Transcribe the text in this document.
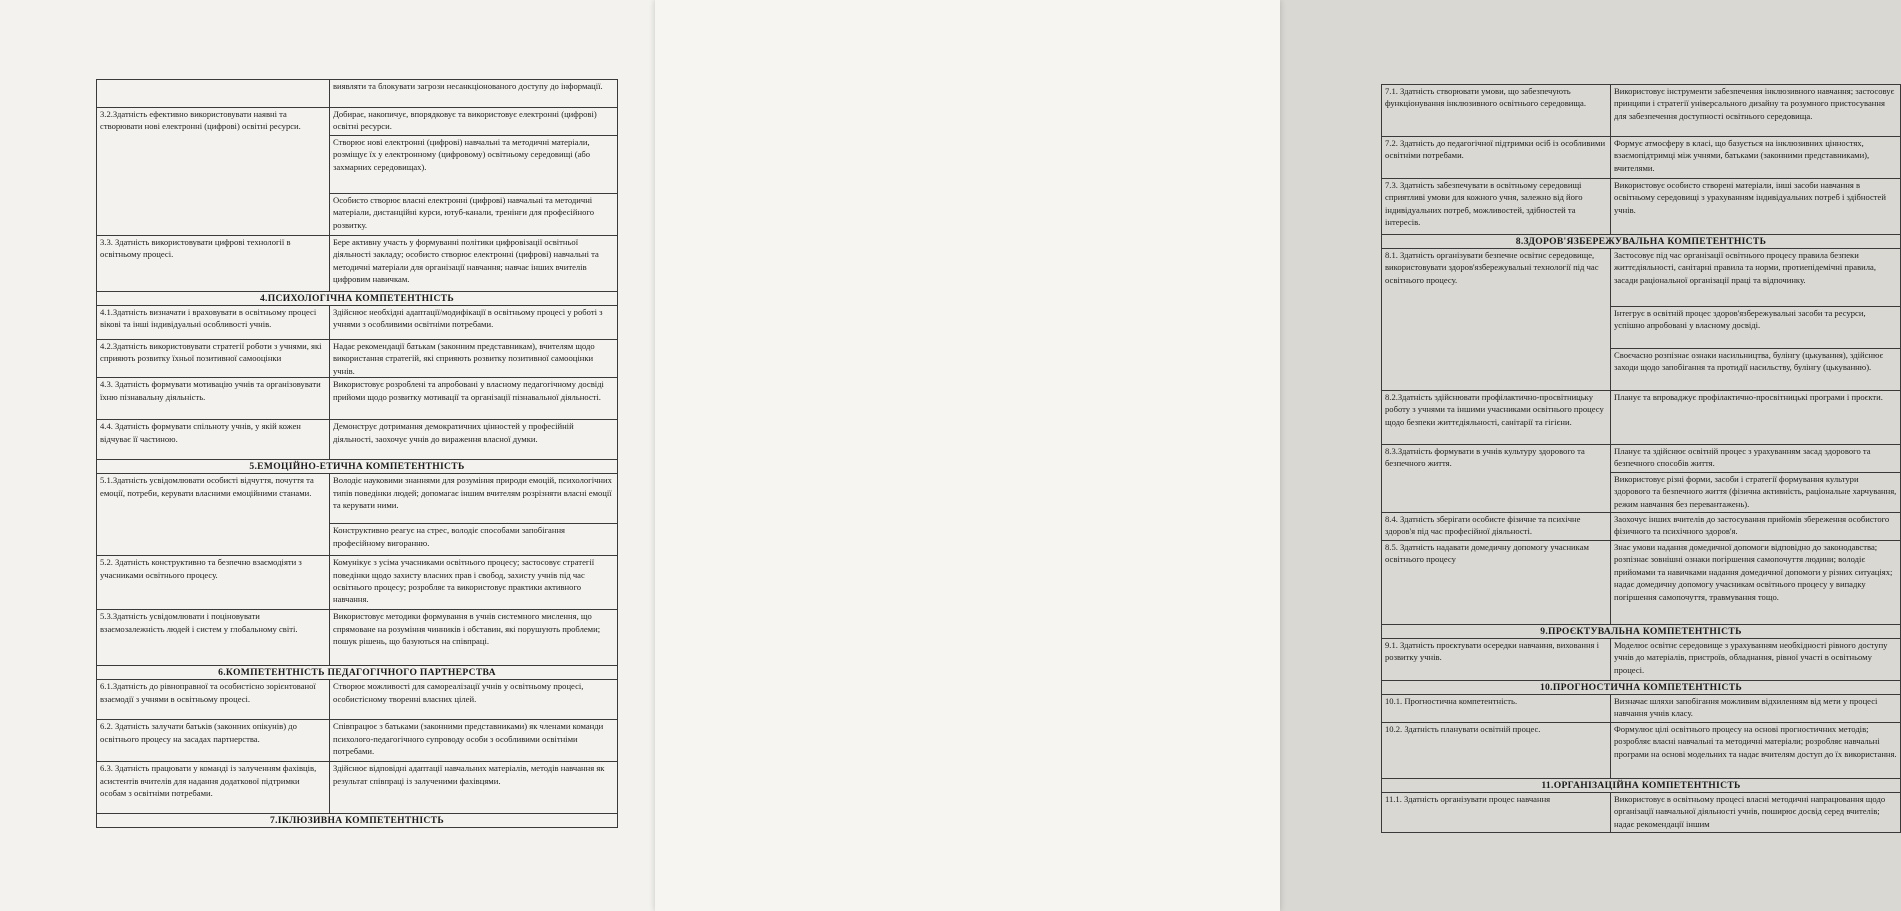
	виявляти та блокувати загрози несанкціонованого доступу до інформації.
3.2.Здатність ефективно використовувати наявні та створювати нові електронні (цифрові) освітні ресурси.	Добирає, накопичує, впорядковує та використовує електронні (цифрові) освітні ресурси.
	Створює нові електронні (цифрові) навчальні та методичні матеріали, розміщує їх у електронному (цифровому) освітньому середовищі (або захмарних середовищах).
	Особисто створює власні електронні (цифрові) навчальні та методичні матеріали, дистанційні курси, ютуб-канали, тренінги для професійного розвитку.
3.3. Здатність використовувати цифрові технології в освітньому процесі.	Бере активну участь у формуванні політики цифровізації освітньої діяльності закладу; особисто створює електронні (цифрові) навчальні та методичні матеріали для організації навчання; навчає інших вчителів цифровим навичкам.
4.ПСИХОЛОГІЧНА КОМПЕТЕНТНІСТЬ	
4.1.Здатність визначати і враховувати в освітньому процесі вікові та інші індивідуальні особливості учнів.	Здійснює необхідні адаптації/модифікації в освітньому процесі у роботі з учнями з особливими освітніми потребами.
4.2.Здатність використовувати стратегії роботи з учнями, які сприяють розвитку їхньої позитивної самооцінки	Надає рекомендації батькам (законним представникам), вчителям щодо використання стратегій, які сприяють розвитку позитивної самооцінки учнів.
4.3. Здатність формувати мотивацію учнів та організовувати їхню пізнавальну діяльність.	Використовує розроблені та апробовані у власному педагогічному досвіді прийоми щодо розвитку мотивації та організації пізнавальної діяльності.
4.4. Здатність формувати спільноту учнів, у якій кожен відчуває її частиною.	Демонструє дотримання демократичних цінностей у професійній діяльності, заохочує учнів до вираження власної думки.
5.ЕМОЦІЙНО-ЕТИЧНА КОМПЕТЕНТНІСТЬ	
5.1.Здатність усвідомлювати особисті відчуття, почуття та емоції, потреби, керувати власними емоційними станами.	Володіє науковими знаннями для розуміння природи емоцій, психологічних типів поведінки людей; допомагає іншим вчителям розрізняти власні емоції та керувати ними.
	Конструктивно реагує на стрес, володіє способами запобігання професійному вигоранню.
5.2. Здатність конструктивно та безпечно взаємодіяти з учасниками освітнього процесу.	Комунікує з усіма учасниками освітнього процесу; застосовує стратегії поведінки щодо захисту власних прав і свобод, захисту учнів під час освітнього процесу; розробляє та використовує практики активного навчання.
5.3.Здатність усвідомлювати і поціновувати взаємозалежність людей і систем у глобальному світі.	Використовує методики формування в учнів системного мислення, що спрямоване на розуміння чинників і обставин, які порушують проблеми; пошук рішень, що базуються на співпраці.
6.КОМПЕТЕНТНІСТЬ ПЕДАГОГІЧНОГО ПАРТНЕРСТВА	
6.1.Здатність до рівноправної та особистісно зорієнтованої взаємодії з учнями в освітньому процесі.	Створює можливості для самореалізації учнів у освітньому процесі, особистісному творенні власних цілей.
6.2. Здатність залучати батьків (законних опікунів) до освітнього процесу на засадах партнерства.	Співпрацює з батьками (законними представниками) як членами команди психолого-педагогічного супроводу особи з особливими освітніми потребами.
6.3. Здатність працювати у команді із залученням фахівців, асистентів вчителів для надання додаткової підтримки особам з освітніми потребами.	Здійснює відповідні адаптації навчальних матеріалів, методів навчання як результат співпраці із залученими фахівцями.
7.ІКЛЮЗИВНА КОМПЕТЕНТНІСТЬ	
7.1. Здатність створювати умови, що забезпечують функціонування інклюзивного освітнього середовища.	Використовує інструменти забезпечення інклюзивного навчання; застосовує принципи і стратегії універсального дизайну та розумного пристосування для забезпечення доступності освітнього середовища.
7.2. Здатність до педагогічної підтримки осіб із особливими освітніми потребами.	Формує атмосферу в класі, що базується на інклюзивних цінностях, взаємопідтримці між учнями, батьками (законними представниками), вчителями.
7.3. Здатність забезпечувати в освітньому середовищі сприятливі умови для кожного учня, залежно від його індивідуальних потреб, можливостей, здібностей та інтересів.	Використовує особисто створені матеріали, інші засоби навчання в освітньому середовищі з урахуванням індивідуальних потреб і здібностей учнів.
8.ЗДОРОВ'ЯЗБЕРЕЖУВАЛЬНА КОМПЕТЕНТНІСТЬ	
8.1. Здатність організувати безпечне освітнє середовище, використовувати здоров'язбережувальні технології під час освітнього процесу.	Застосовує під час організації освітнього процесу правила безпеки життєдіяльності, санітарні правила та норми, протиепідемічні правила, засади раціональної організації праці та відпочинку.
	Інтегрує в освітній процес здоров'язбережувальні засоби та ресурси, успішно апробовані у власному досвіді.
	Своєчасно розпізнає ознаки насильництва, булінгу (цькування), здійснює заходи щодо запобігання та протидії насильству, булінгу (цькуванню).
8.2.Здатність здійснювати профілактично-просвітницьку роботу з учнями та іншими учасниками освітнього процесу щодо безпеки життєдіяльності, санітарії та гігієни.	Планує та впроваджує профілактично-просвітницькі програми і проєкти.
8.3.Здатність формувати в учнів культуру здорового та безпечного життя.	Планує та здійснює освітній процес з урахуванням засад здорового та безпечного способів життя.
	Використовує різні форми, засоби і стратегії формування культури здорового та безпечного життя (фізична активність, раціональне харчування, режим навчання без перевантажень).
8.4. Здатність зберігати особисте фізичне та психічне здоров'я під час професійної діяльності.	Заохочує інших вчителів до застосування прийомів збереження особистого фізичного та психічного здоров'я.
8.5. Здатність надавати домедичну допомогу учасникам освітнього процесу	Знає умови надання домедичної допомоги відповідно до законодавства; розпізнає зовнішні ознаки погіршення самопочуття людини; володіє прийомами та навичками надання домедичної допомоги у різних ситуаціях; надає домедичну допомогу учасникам освітнього процесу у випадку погіршення самопочуття, травмування тощо.
9.ПРОЄКТУВАЛЬНА КОМПЕТЕНТНІСТЬ	
9.1. Здатність проєктувати осередки навчання, виховання і розвитку учнів.	Моделює освітнє середовище з урахуванням необхідності рівного доступу учнів до матеріалів, пристроїв, обладнання, рівної участі в освітньому процесі.
10.ПРОГНОСТИЧНА КОМПЕТЕНТНІСТЬ	
10.1. Прогностична компетентність.	Визначає шляхи запобігання можливим відхиленням від мети у процесі навчання учнів класу.
10.2. Здатність планувати освітній процес.	Формулює цілі освітнього процесу на основі прогностичних методів; розробляє власні навчальні та методичні матеріали; розробляє навчальні програми на основі модельних та надає вчителям доступ до їх використання.
11.ОРГАНІЗАЦІЙНА КОМПЕТЕНТНІСТЬ	
11.1. Здатність організувати процес навчання	Використовує в освітньому процесі власні методичні напрацювання щодо організації навчальної діяльності учнів, поширює досвід серед вчителів; надає рекомендації іншим
